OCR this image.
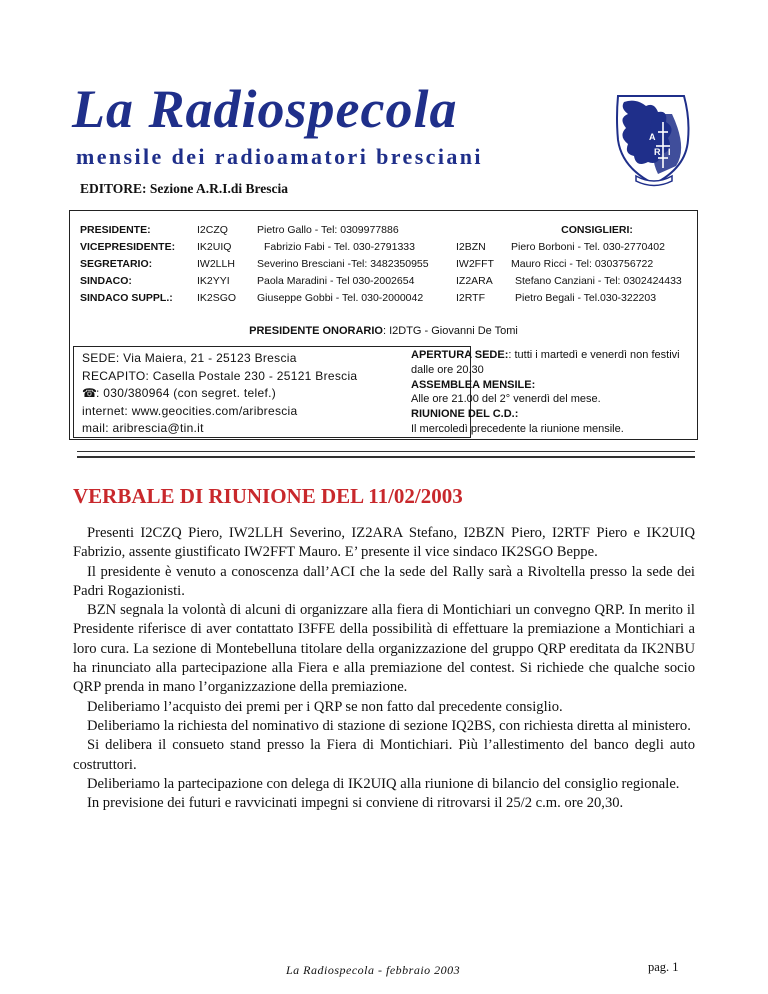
La Radiospecola
mensile dei radioamatori bresciani
EDITORE: Sezione A.R.I.di Brescia
A
R I
PRESIDENTE:
VICEPRESIDENTE:
SEGRETARIO:
SINDACO:
SINDACO SUPPL.:
I2CZQ
IK2UIQ
IW2LLH
IK2YYI
IK2SGO
Pietro Gallo - Tel: 0309977886
Fabrizio Fabi - Tel. 030-2791333
Severino Bresciani -Tel: 3482350955
Paola Maradini - Tel 030-2002654
Giuseppe Gobbi - Tel. 030-2000042

I2BZN
IW2FFT
IZ2ARA
I2RTF
CONSIGLIERI:
Piero Borboni - Tel. 030-2770402
Mauro Ricci - Tel: 0303756722
Stefano Canziani - Tel: 0302424433
Pietro Begali - Tel.030-322203
PRESIDENTE ONORARIO: I2DTG - Giovanni De Tomi
SEDE: Via Maiera, 21 - 25123 Brescia
RECAPITO: Casella Postale 230 - 25121 Brescia
☎: 030/380964 (con segret. telef.)
internet: www.geocities.com/aribrescia
mail: aribrescia@tin.it
APERTURA SEDE:: tutti i martedì e venerdì non festivi dalle ore 20.30
ASSEMBLEA MENSILE:
Alle ore 21.00 del 2° venerdì del mese.
RIUNIONE DEL C.D.:
Il mercoledì precedente la riunione mensile.
VERBALE DI RIUNIONE DEL 11/02/2003

Presenti I2CZQ Piero, IW2LLH Severino, IZ2ARA Stefano, I2BZN Piero, I2RTF Piero e IK2UIQ Fabrizio, assente giustificato IW2FFT Mauro. E’ presente il vice sindaco IK2SGO Beppe.

Il presidente è venuto a conoscenza dall’ACI che la sede del Rally sarà a Rivoltella presso la sede dei Padri Rogazionisti.

BZN segnala la volontà di alcuni di organizzare alla fiera di Montichiari un convegno QRP. In merito il Presidente riferisce di aver contattato I3FFE della possibilità di effettuare la premiazione a Montichiari a loro cura. La sezione di Montebelluna titolare della organizzazione del gruppo QRP ereditata da IK2NBU ha rinunciato alla partecipazione alla Fiera e alla premiazione del contest. Si richiede che qualche socio QRP prenda in mano l’organizzazione della premiazione.

Deliberiamo l’acquisto dei premi per i QRP se non fatto dal precedente consiglio.

Deliberiamo la richiesta del nominativo di stazione di sezione IQ2BS, con richiesta diretta al ministero.

Si delibera il consueto stand presso la Fiera di Montichiari. Più l’allestimento del banco degli auto costruttori.

Deliberiamo la partecipazione con delega di IK2UIQ alla riunione di bilancio del consiglio regionale.

In previsione dei futuri e ravvicinati impegni si conviene di ritrovarsi il 25/2 c.m. ore 20,30.

La Radiospecola - febbraio 2003	pag. 1
